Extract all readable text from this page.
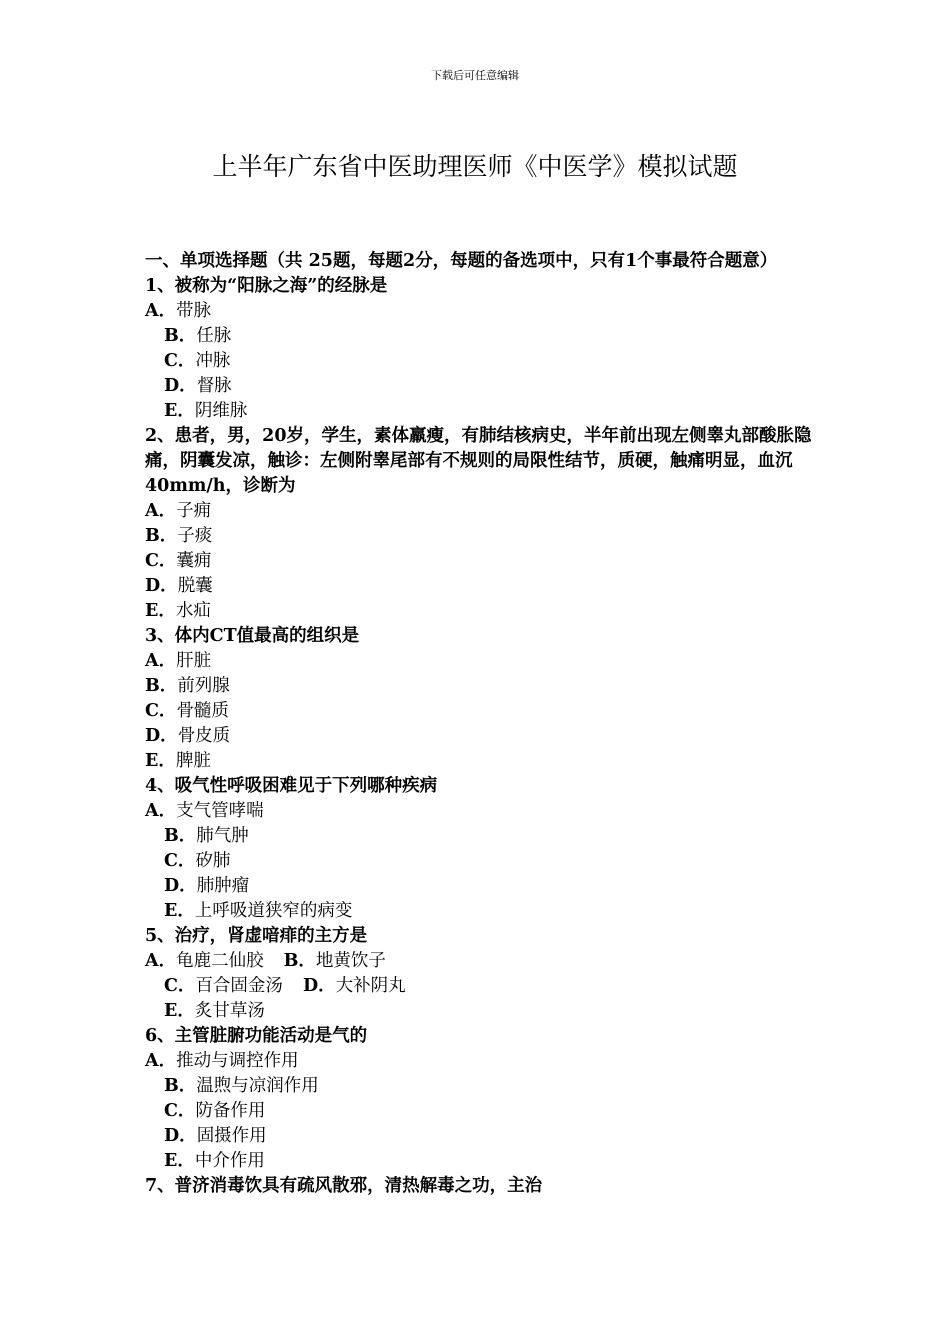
下载后可任意编辑
上半年广东省中医助理医师《中医学》模拟试题
一、单项选择题（共 25题，每题2分，每题的备选项中，只有1个事最符合题意）
1、被称为“阳脉之海”的经脉是
A．带脉
B．任脉
C．冲脉
D．督脉
E．阴维脉
2、患者，男，20岁，学生，素体羸瘦，有肺结核病史，半年前出现左侧睾丸部酸胀隐痛，阴囊发凉，触诊：左侧附睾尾部有不规则的局限性结节，质硬，触痛明显，血沉40mm/h，诊断为
A．子痈
B．子痰
C．囊痈
D．脱囊
E．水疝
3、体内CT值最高的组织是
A．肝脏
B．前列腺
C．骨髓质
D．骨皮质
E．脾脏
4、吸气性呼吸困难见于下列哪种疾病
A．支气管哮喘
B．肺气肿
C．矽肺
D．肺肿瘤
E．上呼吸道狭窄的病变
5、治疗，肾虚喑痱的主方是
A．龟鹿二仙胶 B．地黄饮子
C．百合固金汤 D．大补阴丸
E．炙甘草汤
6、主管脏腑功能活动是气的
A．推动与调控作用
B．温煦与凉润作用
C．防备作用
D．固摄作用
E．中介作用
7、普济消毒饮具有疏风散邪，清热解毒之功，主治
